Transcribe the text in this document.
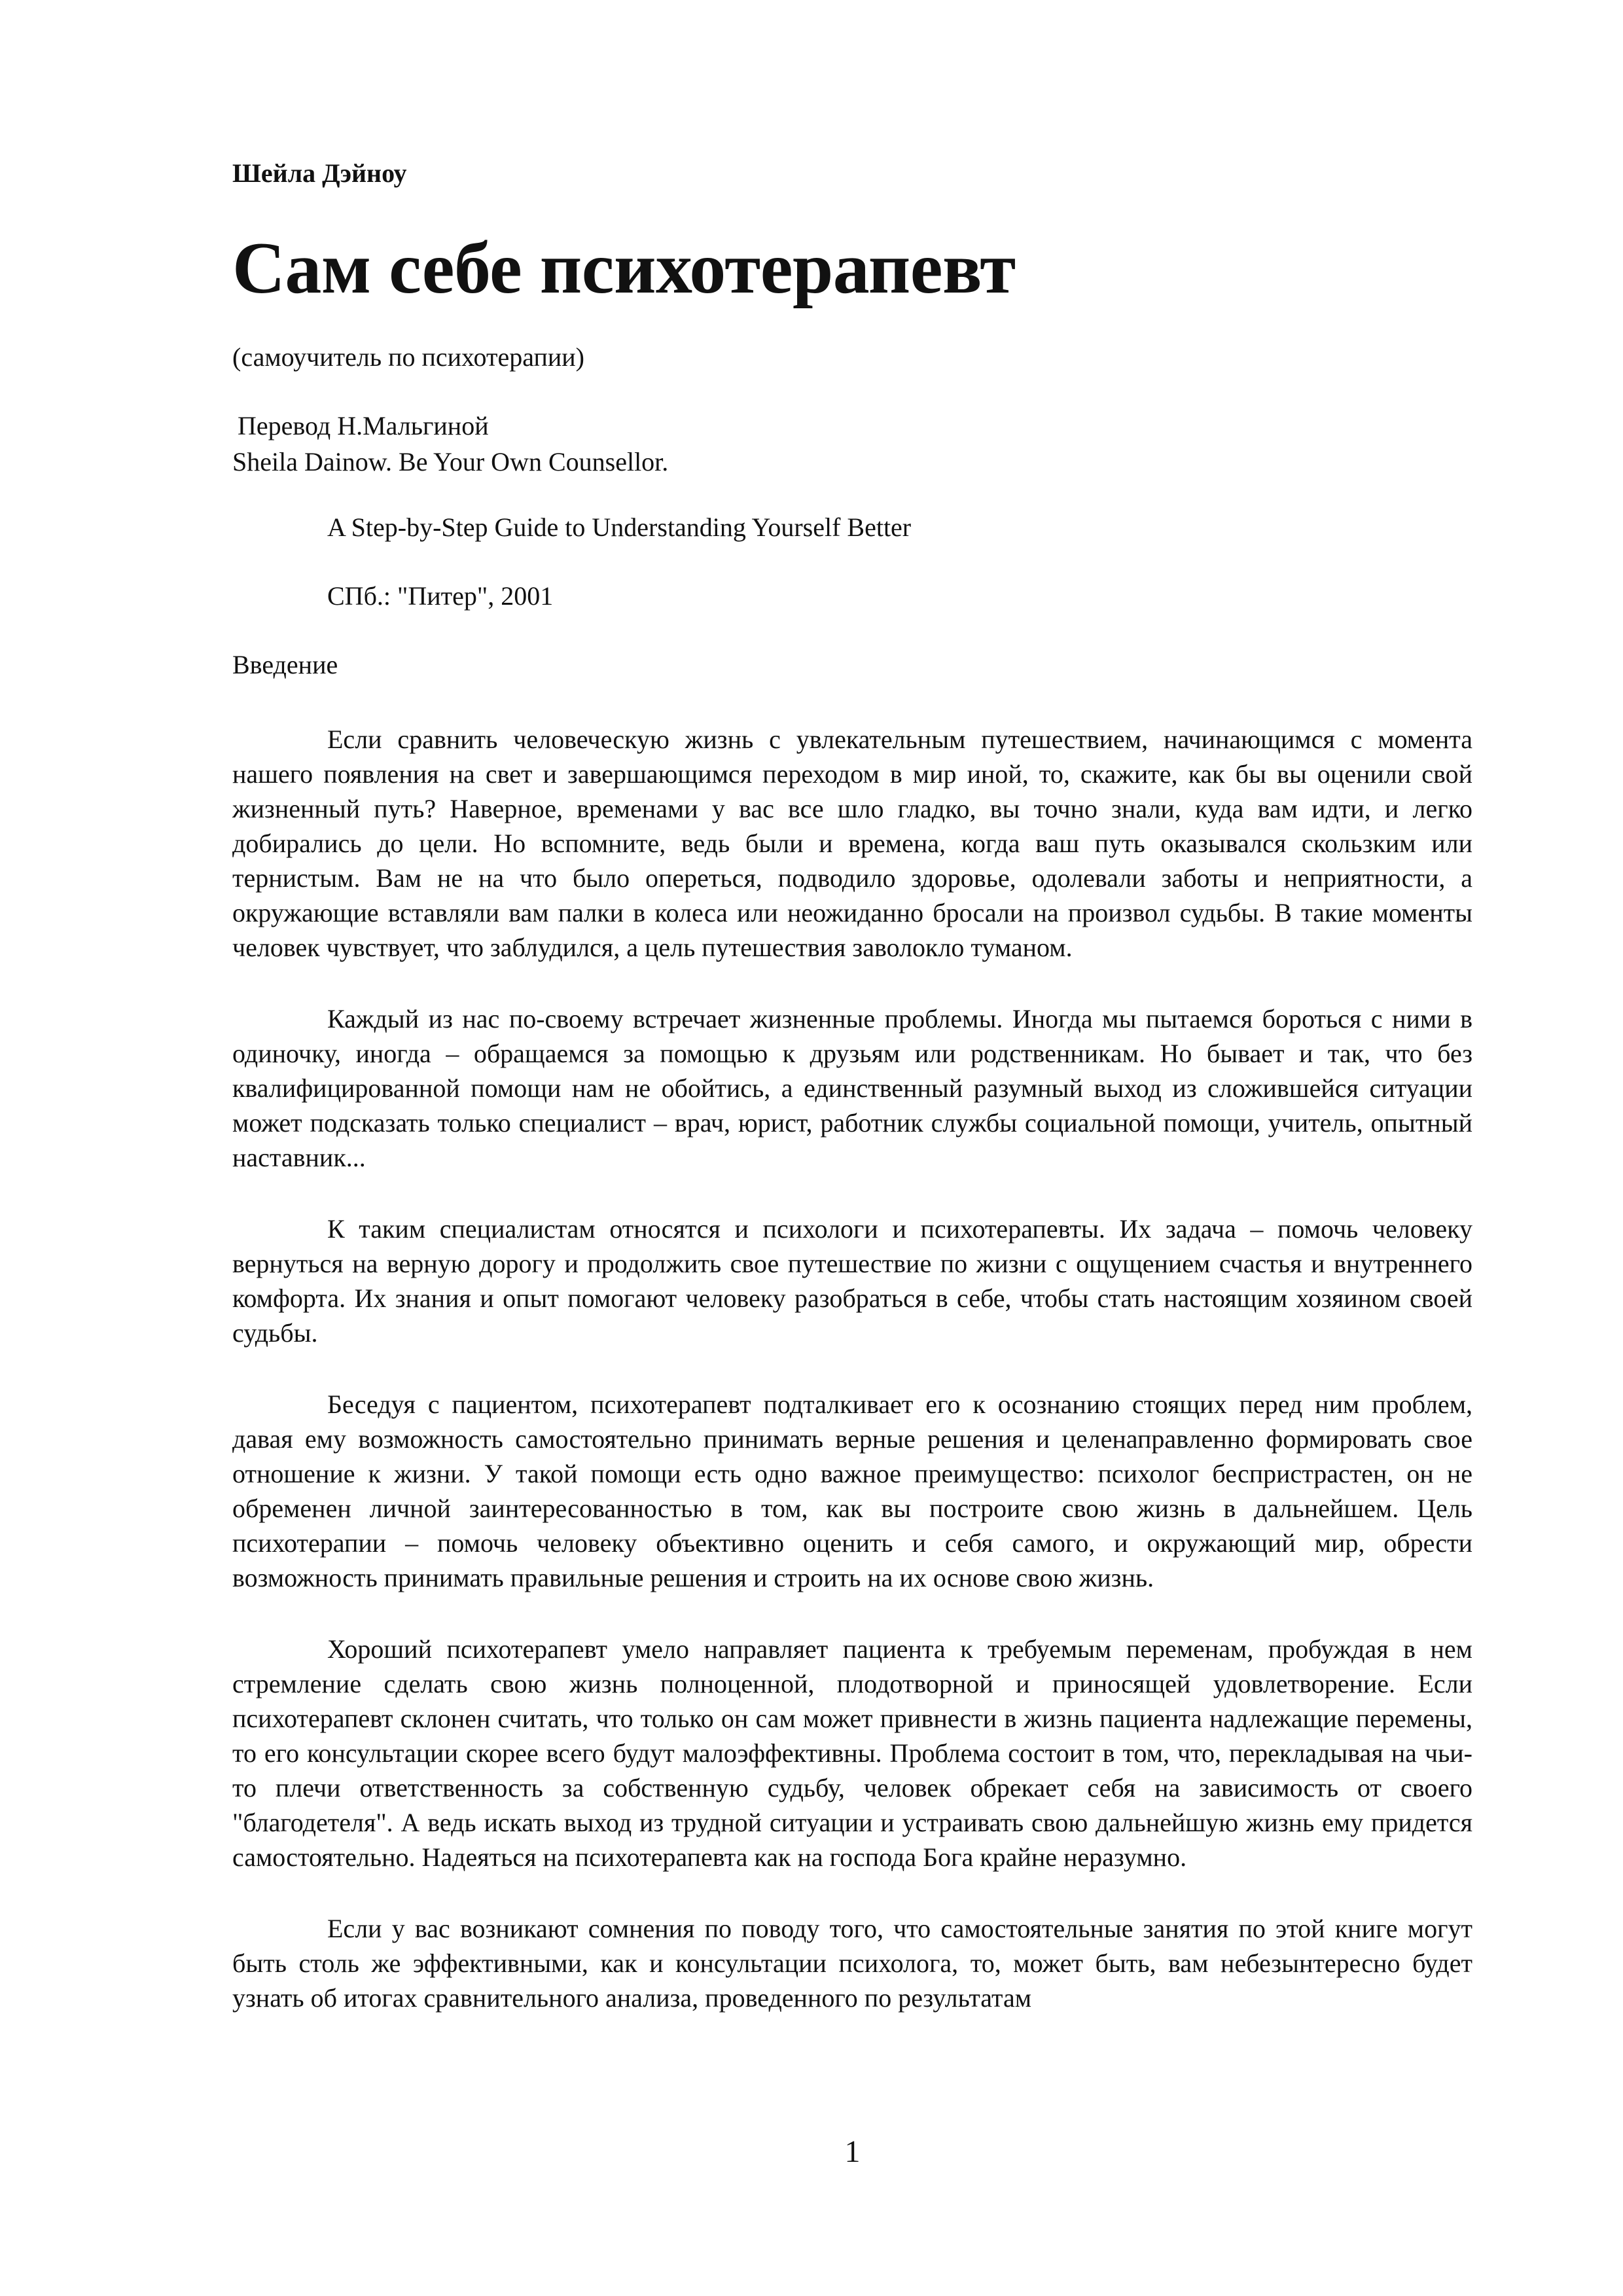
Шейла Дэйноу
Сам себе психотерапевт
(самоучитель по психотерапии)
Перевод Н.Мальгиной
Sheila Dainow. Be Your Own Counsellor.
A Step-by-Step Guide to Understanding Yourself Better
СПб.: "Питер", 2001
Введение

Если сравнить человеческую жизнь с увлекательным путешествием, начинающимся с момента нашего появления на свет и завершающимся переходом в мир иной, то, скажите, как бы вы оценили свой жизненный путь? Наверное, временами у вас все шло гладко, вы точно знали, куда вам идти, и легко добирались до цели. Но вспомните, ведь были и времена, когда ваш путь оказывался скользким или тернистым. Вам не на что было опереться, подводило здоровье, одолевали заботы и неприятности, а окружающие вставляли вам палки в колеса или неожиданно бросали на произвол судьбы. В такие моменты человек чувствует, что заблудился, а цель путешествия заволокло туманом.

Каждый из нас по-своему встречает жизненные проблемы. Иногда мы пытаемся бороться с ними в одиночку, иногда – обращаемся за помощью к друзьям или родственникам. Но бывает и так, что без квалифицированной помощи нам не обойтись, а единственный разумный выход из сложившейся ситуации может подсказать только специалист – врач, юрист, работник службы социальной помощи, учитель, опытный наставник...

К таким специалистам относятся и психологи и психотерапевты. Их задача – помочь человеку вернуться на верную дорогу и продолжить свое путешествие по жизни с ощущением счастья и внутреннего комфорта. Их знания и опыт помогают человеку разобраться в себе, чтобы стать настоящим хозяином своей судьбы.

Беседуя с пациентом, психотерапевт подталкивает его к осознанию стоящих перед ним проблем, давая ему возможность самостоятельно принимать верные решения и целенаправленно формировать свое отношение к жизни. У такой помощи есть одно важное преимущество: психолог беспристрастен, он не обременен личной заинтересованностью в том, как вы построите свою жизнь в дальнейшем. Цель психотерапии – помочь человеку объективно оценить и себя самого, и окружающий мир, обрести возможность принимать правильные решения и строить на их основе свою жизнь.

Хороший психотерапевт умело направляет пациента к требуемым переменам, пробуждая в нем стремление сделать свою жизнь полноценной, плодотворной и приносящей удовлетворение. Если психотерапевт склонен считать, что только он сам может привнести в жизнь пациента надлежащие перемены, то его консультации скорее всего будут малоэффективны. Проблема состоит в том, что, перекладывая на чьи-то плечи ответственность за собственную судьбу, человек обрекает себя на зависимость от своего "благодетеля". А ведь искать выход из трудной ситуации и устраивать свою дальнейшую жизнь ему придется самостоятельно. Надеяться на психотерапевта как на господа Бога крайне неразумно.

Если у вас возникают сомнения по поводу того, что самостоятельные занятия по этой книге могут быть столь же эффективными, как и консультации психолога, то, может быть, вам небезынтересно будет узнать об итогах сравнительного анализа, проведенного по результатам

1
